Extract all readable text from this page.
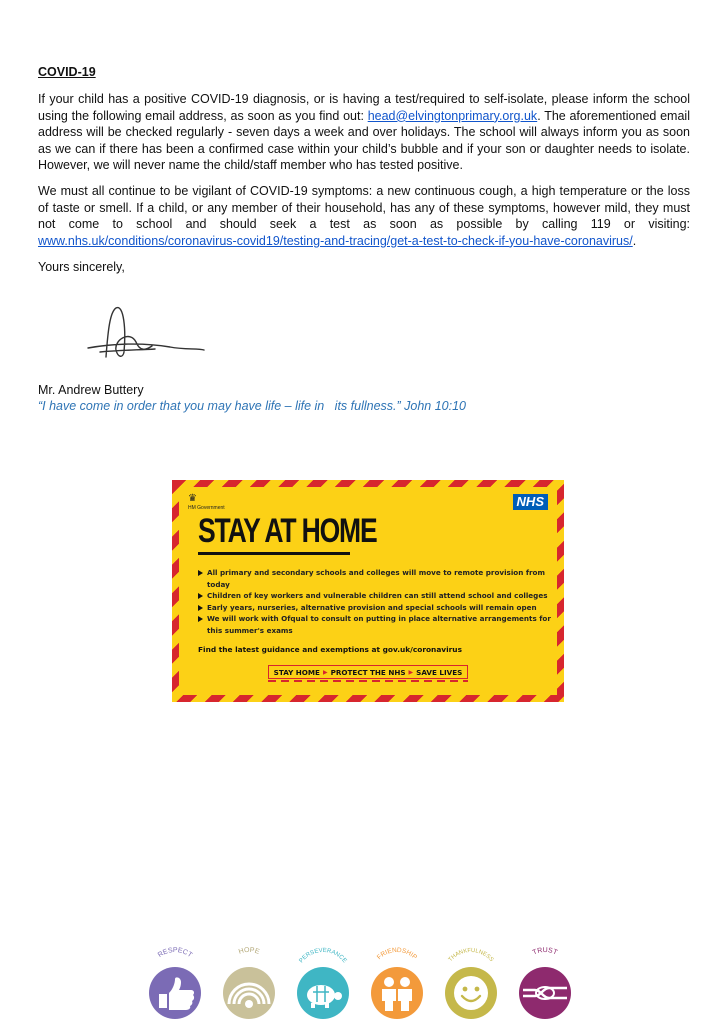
COVID-19
If your child has a positive COVID-19 diagnosis, or is having a test/required to self-isolate, please inform the school using the following email address, as soon as you find out: head@elvingtonprimary.org.uk. The aforementioned email address will be checked regularly - seven days a week and over holidays. The school will always inform you as soon as we can if there has been a confirmed case within your child’s bubble and if your son or daughter needs to isolate. However, we will never name the child/staff member who has tested positive.
We must all continue to be vigilant of COVID-19 symptoms: a new continuous cough, a high temperature or the loss of taste or smell. If a child, or any member of their household, has any of these symptoms, however mild, they must not come to school and should seek a test as soon as possible by calling 119 or visiting: www.nhs.uk/conditions/coronavirus-covid19/testing-and-tracing/get-a-test-to-check-if-you-have-coronavirus/.
Yours sincerely,
Mr. Andrew Buttery
“I have come in order that you may have life – life in   its fullness.” John 10:10
♛
HM Government	NHS
STAY AT HOME
All primary and secondary schools and colleges will move to remote provision from today
Children of key workers and vulnerable children can still attend school and colleges
Early years, nurseries, alternative provision and special schools will remain open
We will work with Ofqual to consult on putting in place alternative arrangements for this summer's exams
Find the latest guidance and exemptions at gov.uk/coronavirus
STAY HOME ▶ PROTECT THE NHS ▶ SAVE LIVES
RESPECT	HOPE
PERSEVERANCE	FRIENDSHIP	THANKFULNESS
TRUST
